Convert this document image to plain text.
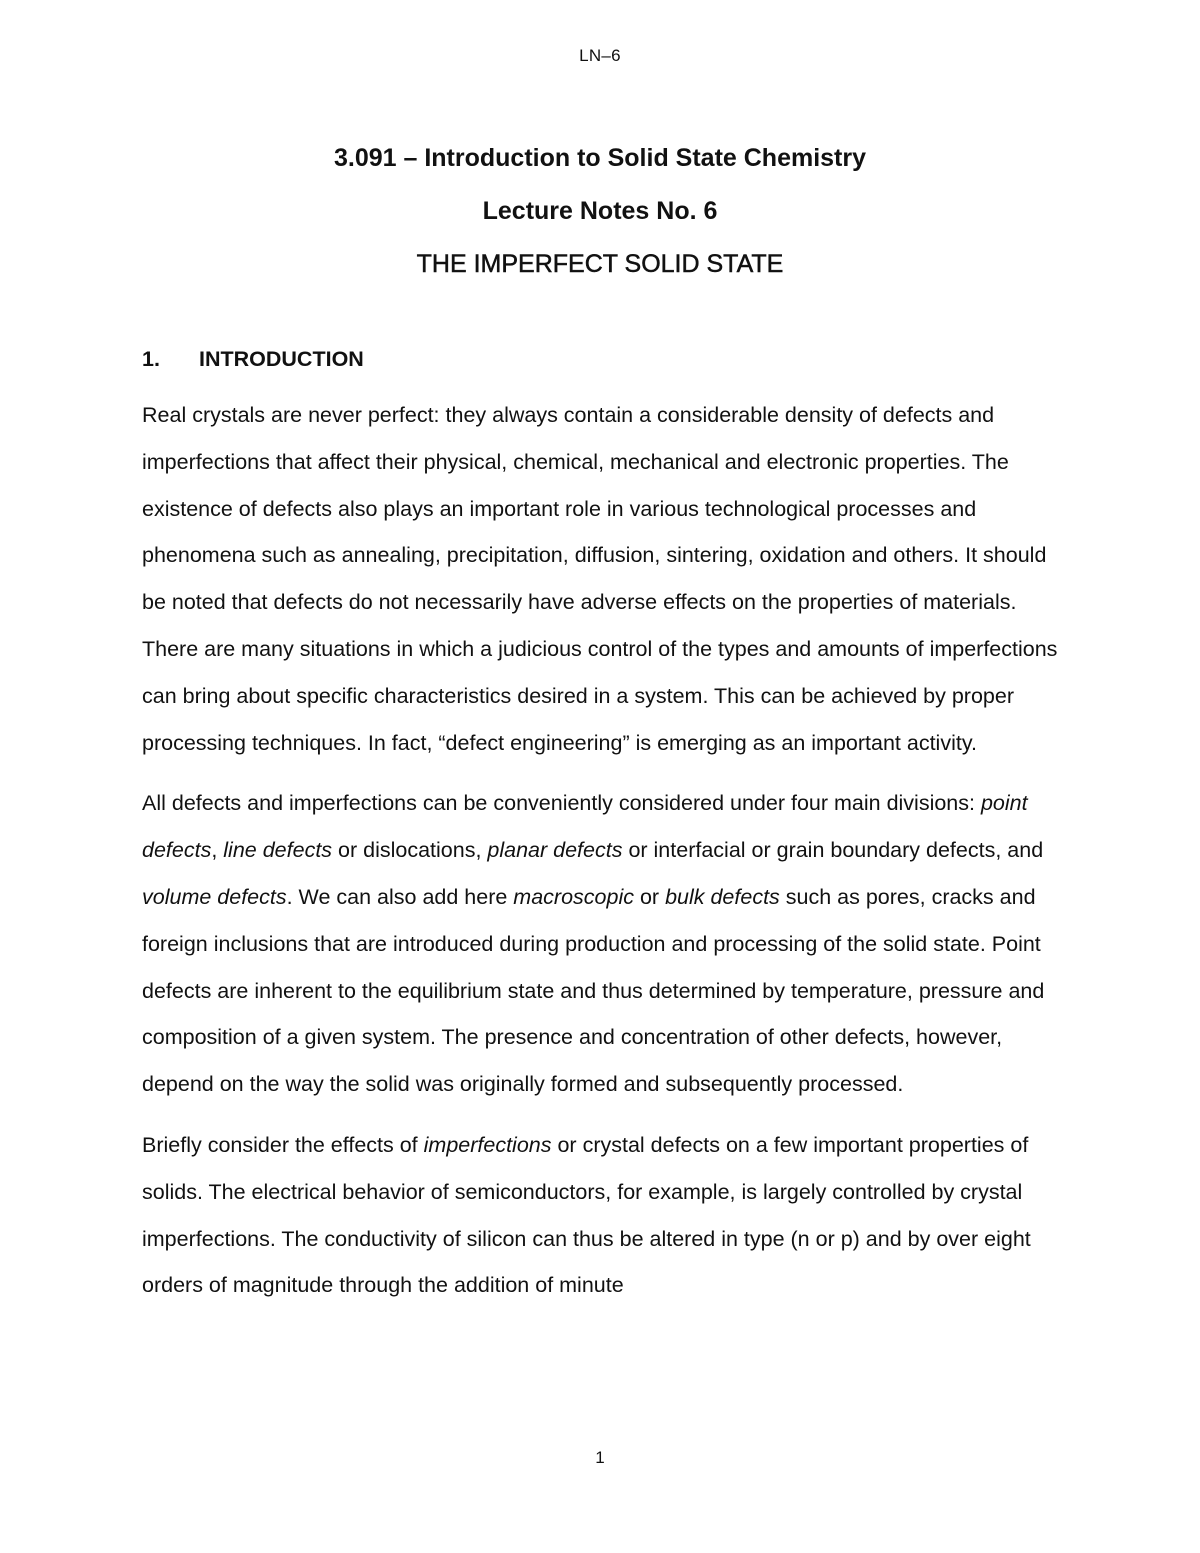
LN–6

3.091 – Introduction to Solid State Chemistry

Lecture Notes No. 6

THE IMPERFECT SOLID STATE

1. INTRODUCTION

Real crystals are never perfect: they always contain a considerable density of defects and imperfections that affect their physical, chemical, mechanical and electronic properties. The existence of defects also plays an important role in various technological processes and phenomena such as annealing, precipitation, diffusion, sintering, oxidation and others. It should be noted that defects do not necessarily have adverse effects on the properties of materials. There are many situations in which a judicious control of the types and amounts of imperfections can bring about specific characteristics desired in a system. This can be achieved by proper processing techniques. In fact, “defect engineering” is emerging as an important activity.

All defects and imperfections can be conveniently considered under four main divisions: point defects, line defects or dislocations, planar defects or interfacial or grain boundary defects, and volume defects. We can also add here macroscopic or bulk defects such as pores, cracks and foreign inclusions that are introduced during production and processing of the solid state. Point defects are inherent to the equilibrium state and thus determined by temperature, pressure and composition of a given system. The presence and concentration of other defects, however, depend on the way the solid was originally formed and subsequently processed.

Briefly consider the effects of imperfections or crystal defects on a few important properties of solids. The electrical behavior of semiconductors, for example, is largely controlled by crystal imperfections. The conductivity of silicon can thus be altered in type (n or p) and by over eight orders of magnitude through the addition of minute

1
